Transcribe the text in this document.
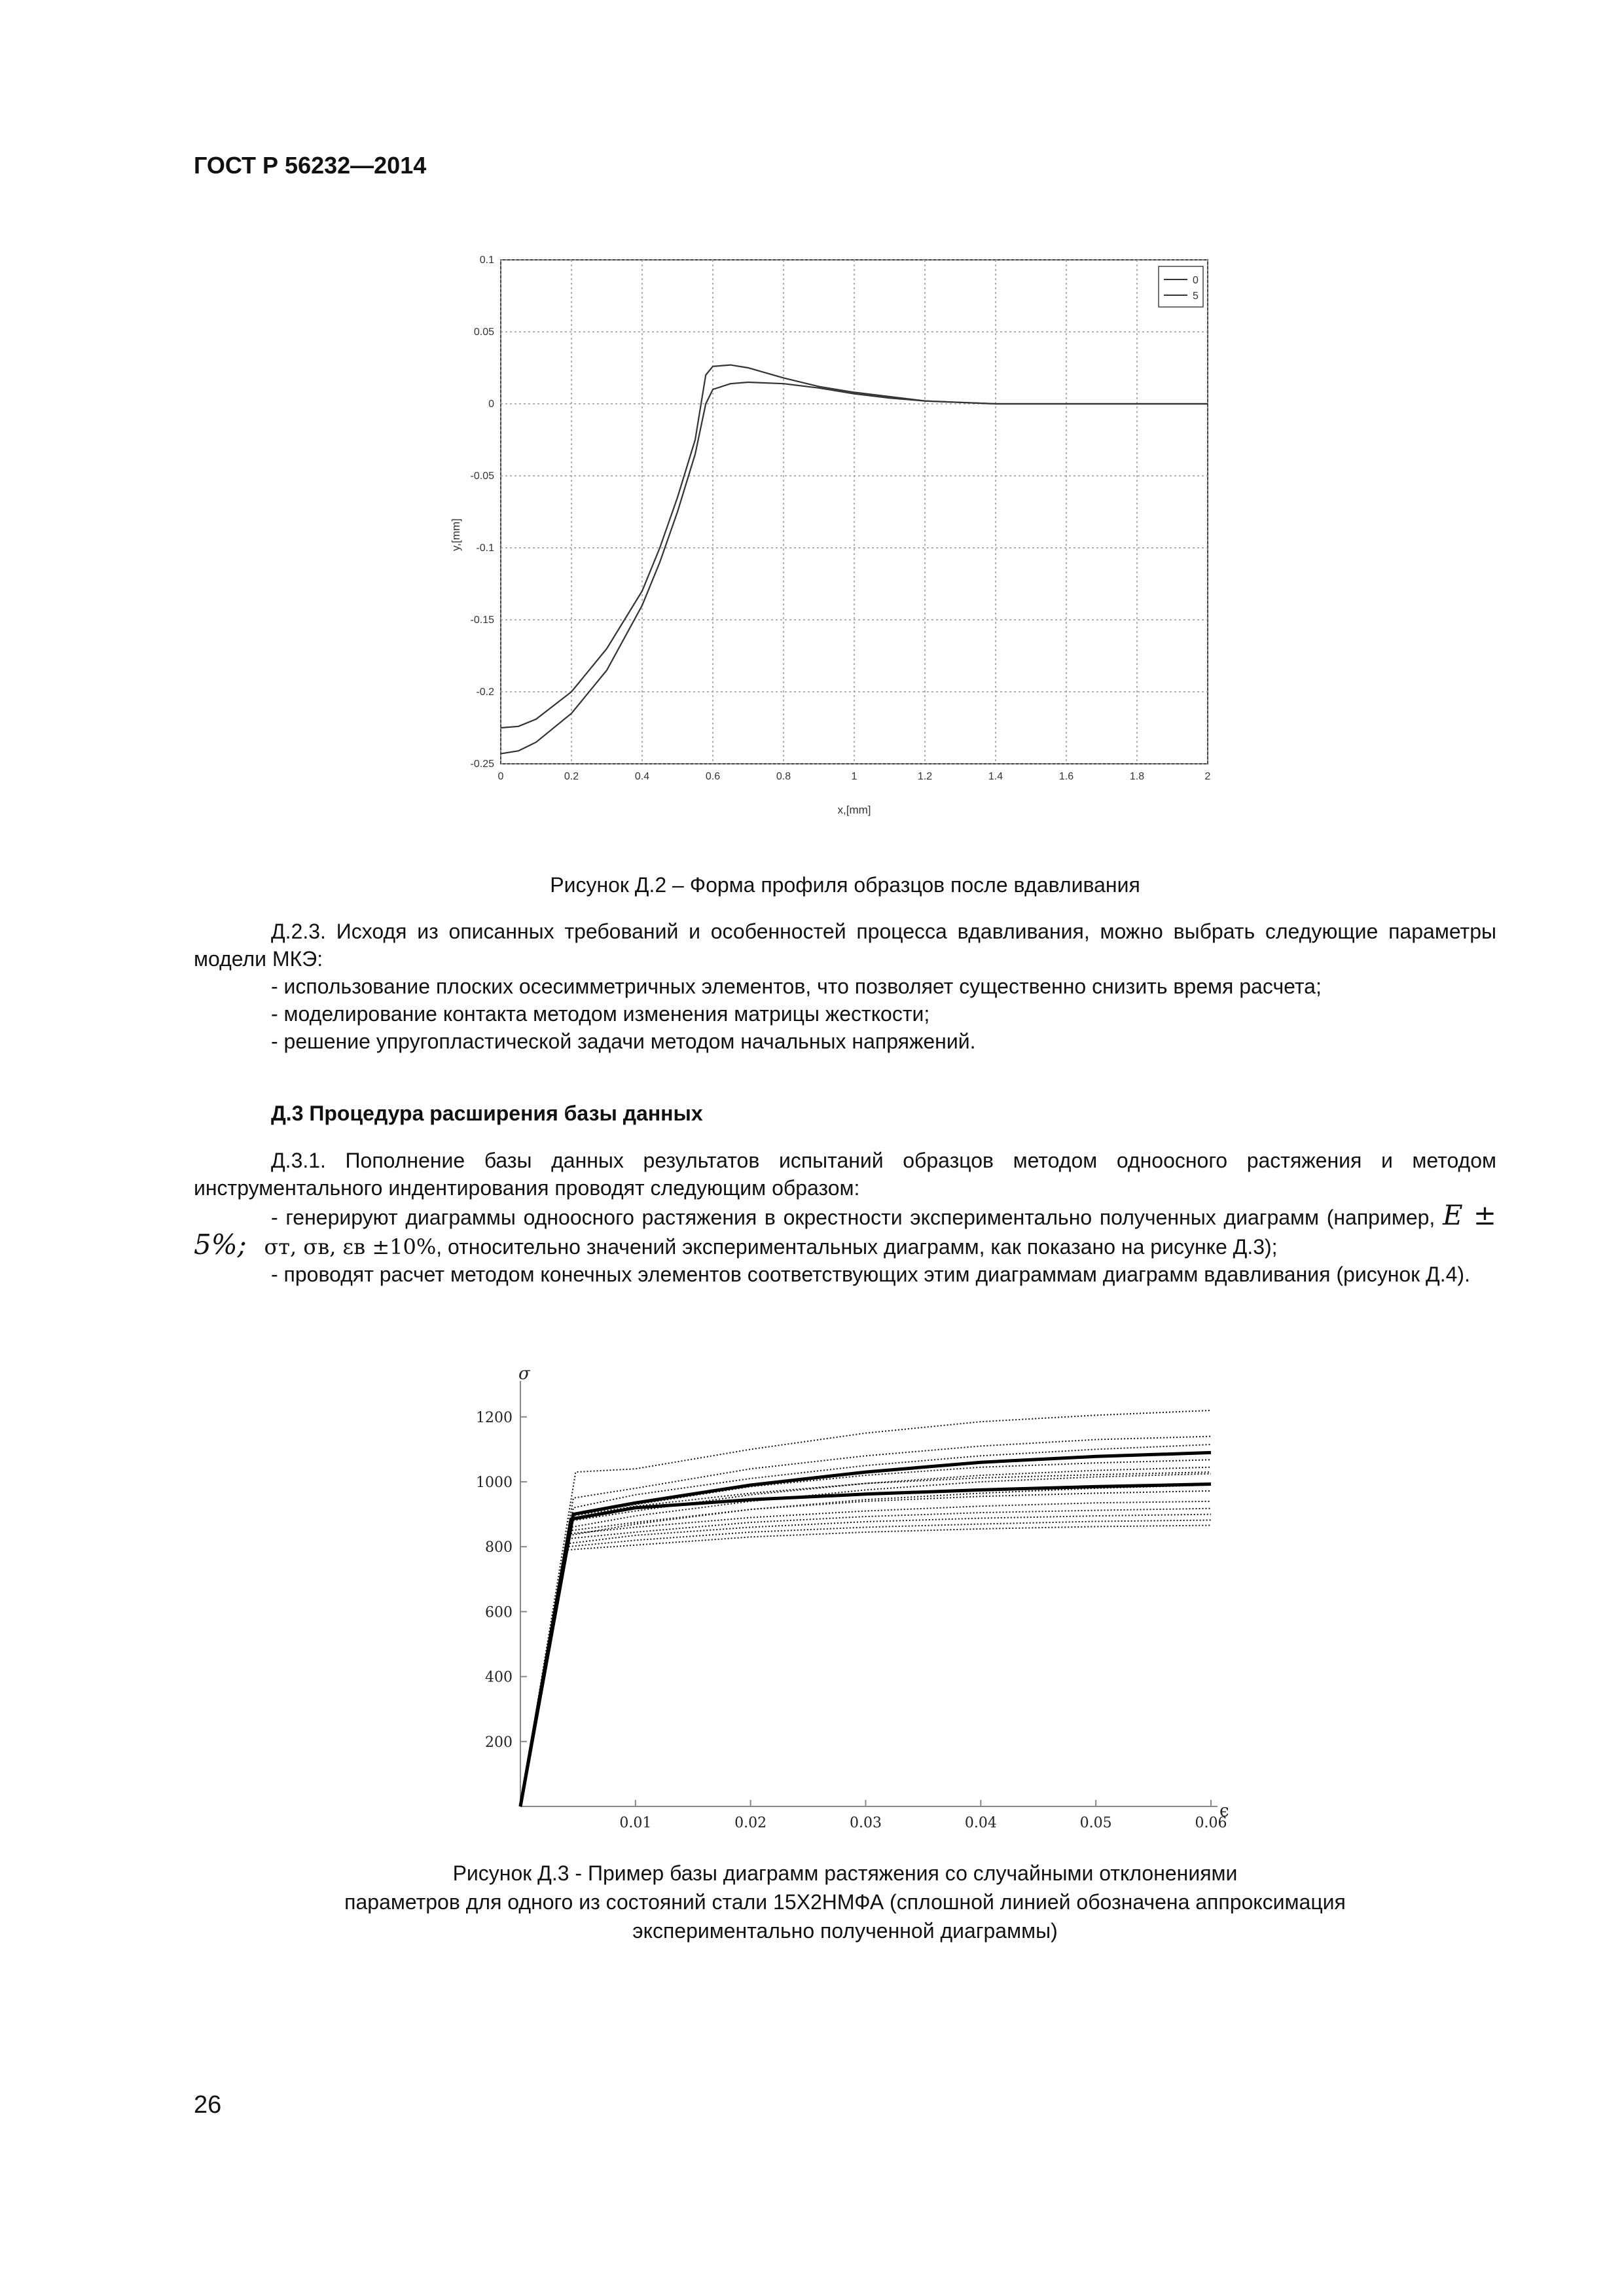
ГОСТ Р 56232—2014
0	0.2	0.4	0.6	0.8	1	1.2	1.4	1.6	1.8	2
0.1
0.05
0
-0.05
-0.1
-0.15
-0.2
-0.25
0
5
x,[mm]
y,[mm]
Рисунок Д.2 – Форма профиля образцов после вдавливания

Д.2.3. Исходя из описанных требований и особенностей процесса вдавливания, можно выбрать следующие параметры модели МКЭ:

- использование плоских осесимметричных элементов, что позволяет существенно снизить время расчета;

- моделирование контакта методом изменения матрицы жесткости;

- решение упругопластической задачи методом начальных напряжений.

Д.3 Процедура расширения базы данных

Д.3.1. Пополнение базы данных результатов испытаний образцов методом одноосного растяжения и методом инструментального индентирования проводят следующим образом:

- генерируют диаграммы одноосного растяжения в окрестности экспериментально полученных диаграмм (например, E ± 5%; σт, σв, εв ±10%, относительно значений экспериментальных диаграмм, как показано на рисунке Д.3);

- проводят расчет методом конечных элементов соответствующих этим диаграммам диаграмм вдавливания (рисунок Д.4).

200
400
600
800
1000
1200
0.01	0.02	0.03	0.04	0.05	0.06
σ
ϵ
Рисунок Д.3 - Пример базы диаграмм растяжения со случайными отклонениями
параметров для одного из состояний стали 15Х2НМФА (сплошной линией обозначена аппроксимация
экспериментально полученной диаграммы)
26
